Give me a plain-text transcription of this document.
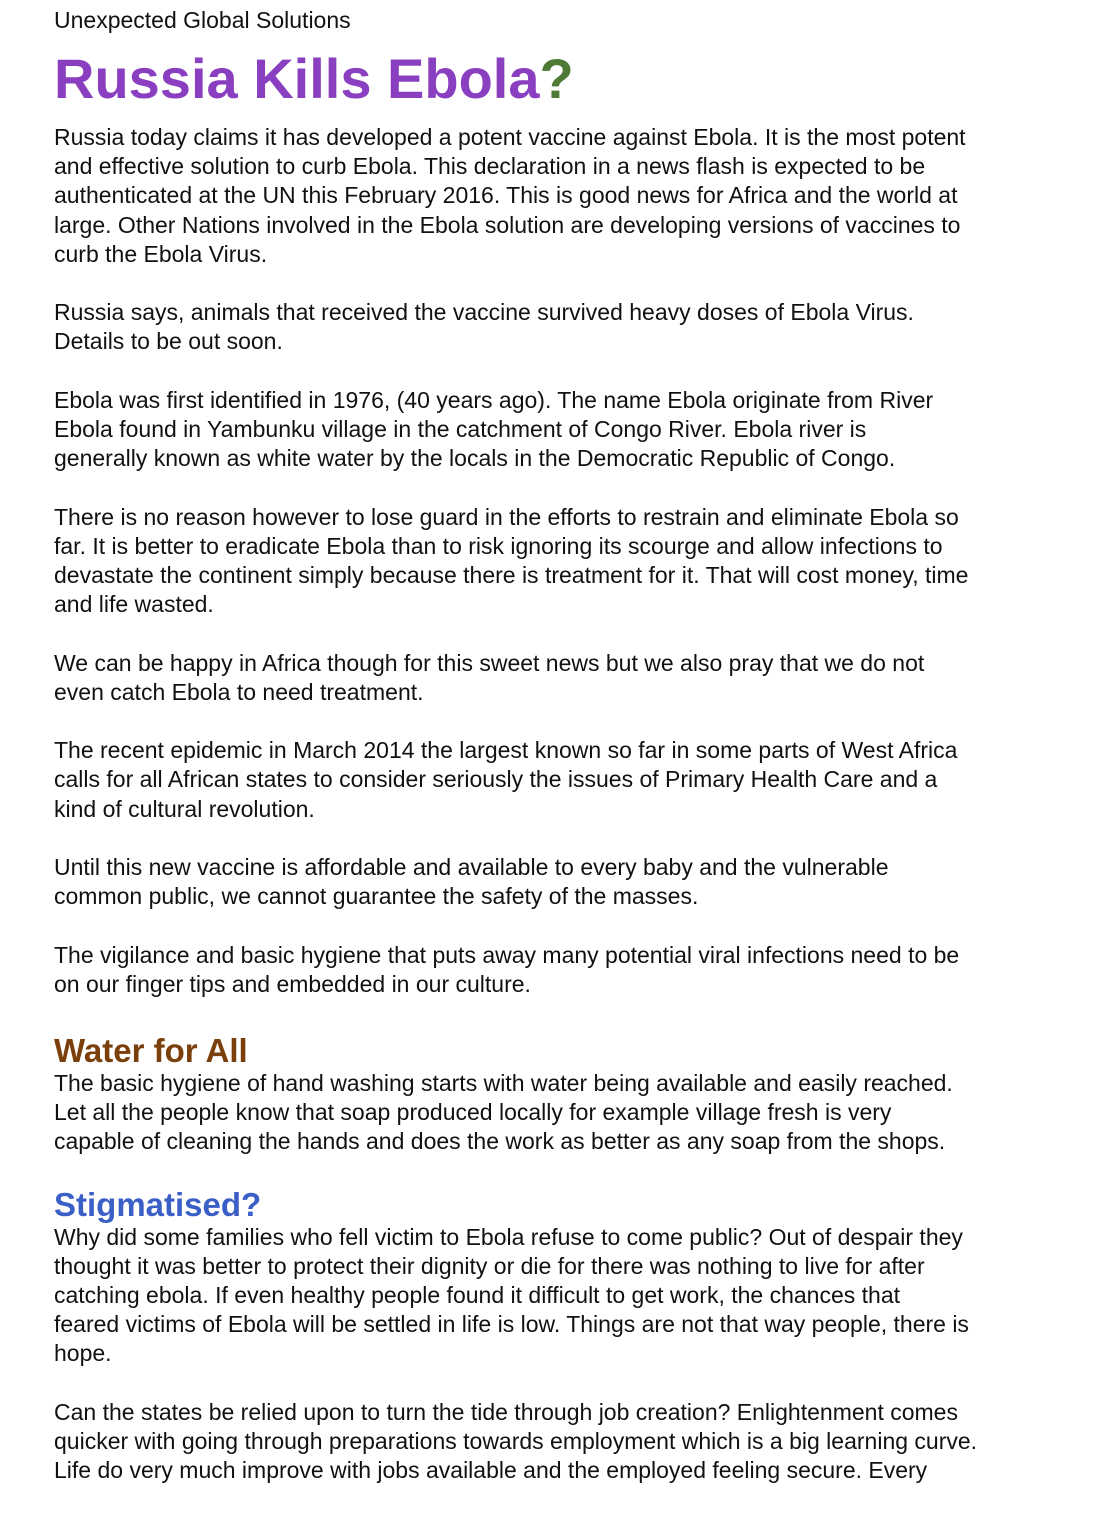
Unexpected Global Solutions
Russia Kills Ebola?

Russia today claims it has developed a potent vaccine against Ebola. It is the most potent
and effective solution to curb Ebola. This declaration in a news flash is expected to be
authenticated at the UN this February 2016. This is good news for Africa and the world at
large. Other Nations involved in the Ebola solution are developing versions of vaccines to
curb the Ebola Virus.

Russia says, animals that received the vaccine survived heavy doses of Ebola Virus.
Details to be out soon.

Ebola was first identified in 1976, (40 years ago). The name Ebola originate from River
Ebola found in Yambunku village in the catchment of Congo River. Ebola river is
generally known as white water by the locals in the Democratic Republic of Congo.

There is no reason however to lose guard in the efforts to restrain and eliminate Ebola so
far. It is better to eradicate Ebola than to risk ignoring its scourge and allow infections to
devastate the continent simply because there is treatment for it. That will cost money, time
and life wasted.

We can be happy in Africa though for this sweet news but we also pray that we do not
even catch Ebola to need treatment.

The recent epidemic in March 2014 the largest known so far in some parts of West Africa
calls for all African states to consider seriously the issues of Primary Health Care and a
kind of cultural revolution.

Until this new vaccine is affordable and available to every baby and the vulnerable
common public, we cannot guarantee the safety of the masses.

The vigilance and basic hygiene that puts away many potential viral infections need to be
on our finger tips and embedded in our culture.

Water for All

The basic hygiene of hand washing starts with water being available and easily reached.
Let all the people know that soap produced locally for example village fresh is very
capable of cleaning the hands and does the work as better as any soap from the shops.

Stigmatised?

Why did some families who fell victim to Ebola refuse to come public? Out of despair they
thought it was better to protect their dignity or die for there was nothing to live for after
catching ebola. If even healthy people found it difficult to get work, the chances that
feared victims of Ebola will be settled in life is low. Things are not that way people, there is
hope.

Can the states be relied upon to turn the tide through job creation? Enlightenment comes
quicker with going through preparations towards employment which is a big learning curve.
Life do very much improve with jobs available and the employed feeling secure. Every
